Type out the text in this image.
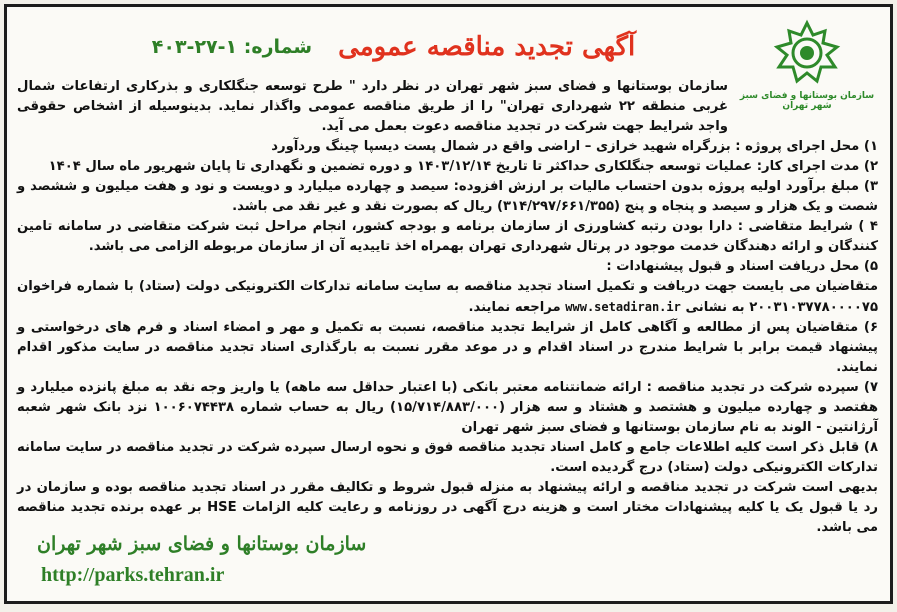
سازمان بوستانها و فضای سبز شهر تهران
شماره: ۱-۲۷-۴۰۳ آگهی تجدید مناقصه عمومی

سازمان بوستانها و فضای سبز شهر تهران در نظر دارد " طرح توسعه جنگلکاری و بذرکاری ارتفاعات شمال غربی منطقه ۲۲ شهرداری تهران" را از طریق مناقصه عمومی واگذار نماید. بدینوسیله از اشخاص حقوقی واجد شرایط جهت شرکت در تجدید مناقصه دعوت بعمل می آید.

۱) محل اجرای پروژه : بزرگراه شهید خرازی – اراضی واقع در شمال پست دیسپا چینگ وردآورد

۲) مدت اجرای کار: عملیات توسعه جنگلکاری حداکثر تا تاریخ ۱۴۰۳/۱۲/۱۴ و دوره تضمین و نگهداری تا پایان شهریور ماه سال ۱۴۰۴

۳) مبلغ برآورد اولیه پروژه بدون احتساب مالیات بر ارزش افزوده: سیصد و چهارده میلیارد و دویست و نود و هفت میلیون و ششصد و شصت و یک هزار و سیصد و پنجاه و پنج (۳۱۴/۲۹۷/۶۶۱/۳۵۵) ریال که بصورت نقد و غیر نقد می باشد.

۴ ) شرایط متقاضی : دارا بودن رتبه کشاورزی از سازمان برنامه و بودجه کشور، انجام مراحل ثبت شرکت متقاضی در سامانه تامین کنندگان و ارائه دهندگان خدمت موجود در پرتال شهرداری تهران بهمراه اخذ تاییدیه آن از سازمان مربوطه الزامی می باشد.

۵) محل دریافت اسناد و قبول پیشنهادات :

متقاضیان می بایست جهت دریافت و تکمیل اسناد تجدید مناقصه به سایت سامانه تدارکات الکترونیکی دولت (ستاد) با شماره فراخوان ۲۰۰۳۱۰۳۷۷۸۰۰۰۰۷۵ به نشانی www.setadiran.ir مراجعه نمایند.

۶) متقاضیان پس از مطالعه و آگاهی کامل از شرایط تجدید مناقصه، نسبت به تکمیل و مهر و امضاء اسناد و فرم های درخواستی و پیشنهاد قیمت برابر با شرایط مندرج در اسناد اقدام و در موعد مقرر نسبت به بارگذاری اسناد تجدید مناقصه در سایت مذکور اقدام نمایند.

۷) سپرده شرکت در تجدید مناقصه : ارائه ضمانتنامه معتبر بانکی (با اعتبار حداقل سه ماهه) یا واریز وجه نقد به مبلغ پانزده میلیارد و هفتصد و چهارده میلیون و هشتصد و هشتاد و سه هزار (۱۵/۷۱۴/۸۸۳/۰۰۰) ریال به حساب شماره ۱۰۰۶۰۷۴۴۳۸ نزد بانک شهر شعبه آرژانتین - الوند به نام سازمان بوستانها و فضای سبز شهر تهران

۸) قابل ذکر است کلیه اطلاعات جامع و کامل اسناد تجدید مناقصه فوق و نحوه ارسال سپرده شرکت در تجدید مناقصه در سایت سامانه تدارکات الکترونیکی دولت (ستاد) درج گردیده است.

بدیهی است شرکت در تجدید مناقصه و ارائه پیشنهاد به منزله قبول شروط و تکالیف مقرر در اسناد تجدید مناقصه بوده و سازمان در رد یا قبول یک یا کلیه پیشنهادات مختار است و هزینه درج آگهی در روزنامه و رعایت کلیه الزامات HSE بر عهده برنده تجدید مناقصه می باشد.

سازمان بوستانها و فضای سبز شهر تهران
http://parks.tehran.ir
